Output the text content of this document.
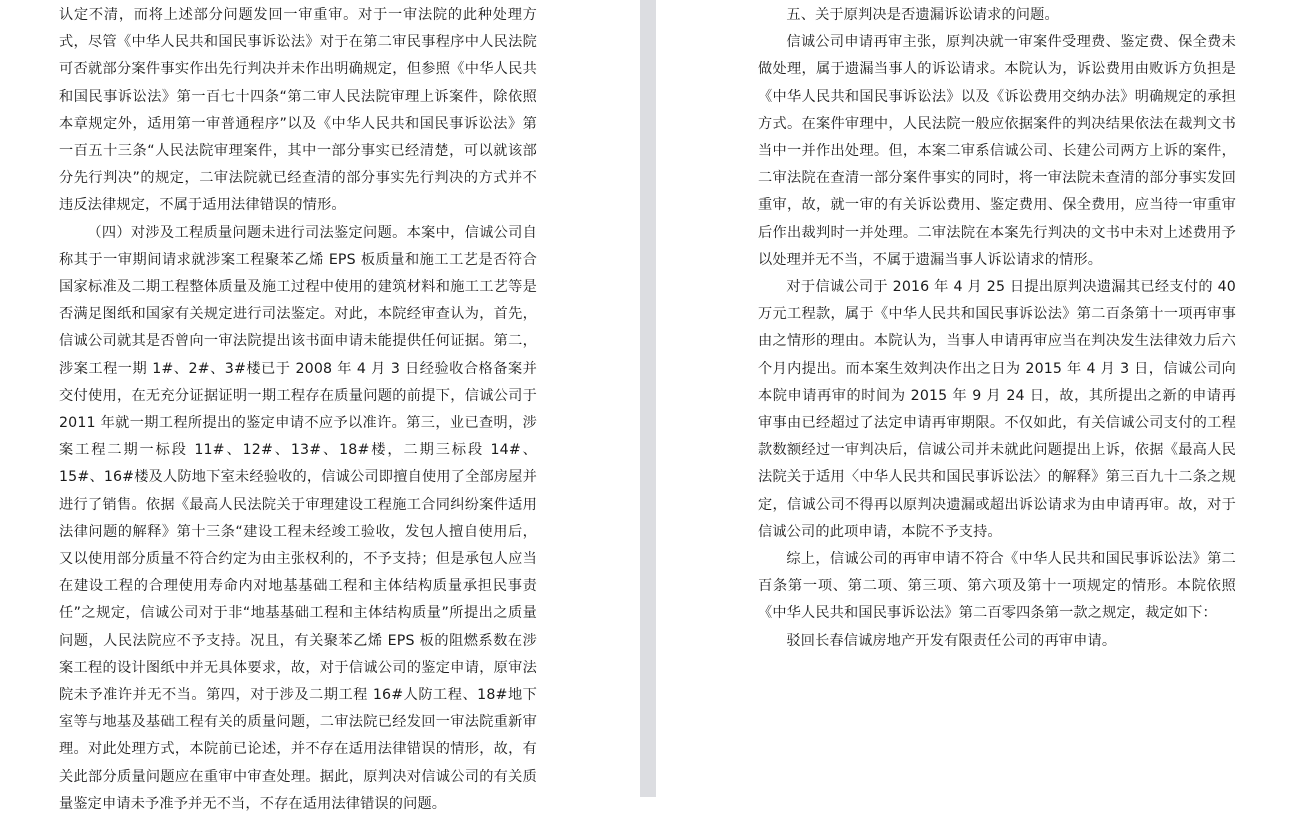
认定不清，而将上述部分问题发回一审重审。对于一审法院的此种处理方式，尽管《中华人民共和国民事诉讼法》对于在第二审民事程序中人民法院可否就部分案件事实作出先行判决并未作出明确规定，但参照《中华人民共和国民事诉讼法》第一百七十四条“第二审人民法院审理上诉案件，除依照本章规定外，适用第一审普通程序”以及《中华人民共和国民事诉讼法》第一百五十三条“人民法院审理案件，其中一部分事实已经清楚，可以就该部分先行判决”的规定，二审法院就已经查清的部分事实先行判决的方式并不违反法律规定，不属于适用法律错误的情形。

（四）对涉及工程质量问题未进行司法鉴定问题。本案中，信诚公司自称其于一审期间请求就涉案工程聚苯乙烯 EPS 板质量和施工工艺是否符合国家标准及二期工程整体质量及施工过程中使用的建筑材料和施工工艺等是否满足图纸和国家有关规定进行司法鉴定。对此，本院经审查认为，首先，信诚公司就其是否曾向一审法院提出该书面申请未能提供任何证据。第二，涉案工程一期 1#、2#、3#楼已于 2008 年 4 月 3 日经验收合格备案并交付使用，在无充分证据证明一期工程存在质量问题的前提下，信诚公司于 2011 年就一期工程所提出的鉴定申请不应予以准许。第三，业已查明，涉案工程二期一标段 11#、12#、13#、18#楼，二期三标段 14#、15#、16#楼及人防地下室未经验收的，信诚公司即擅自使用了全部房屋并进行了销售。依据《最高人民法院关于审理建设工程施工合同纠纷案件适用法律问题的解释》第十三条“建设工程未经竣工验收，发包人擅自使用后，又以使用部分质量不符合约定为由主张权利的，不予支持；但是承包人应当在建设工程的合理使用寿命内对地基基础工程和主体结构质量承担民事责任”之规定，信诚公司对于非“地基基础工程和主体结构质量”所提出之质量问题，人民法院应不予支持。况且，有关聚苯乙烯 EPS 板的阻燃系数在涉案工程的设计图纸中并无具体要求，故，对于信诚公司的鉴定申请，原审法院未予准许并无不当。第四，对于涉及二期工程 16#人防工程、18#地下室等与地基及基础工程有关的质量问题，二审法院已经发回一审法院重新审理。对此处理方式，本院前已论述，并不存在适用法律错误的情形，故，有关此部分质量问题应在重审中审查处理。据此，原判决对信诚公司的有关质量鉴定申请未予准予并无不当，不存在适用法律错误的问题。

五、关于原判决是否遗漏诉讼请求的问题。

信诚公司申请再审主张，原判决就一审案件受理费、鉴定费、保全费未做处理，属于遗漏当事人的诉讼请求。本院认为，诉讼费用由败诉方负担是《中华人民共和国民事诉讼法》以及《诉讼费用交纳办法》明确规定的承担方式。在案件审理中，人民法院一般应依据案件的判决结果依法在裁判文书当中一并作出处理。但，本案二审系信诚公司、长建公司两方上诉的案件，二审法院在查清一部分案件事实的同时，将一审法院未查清的部分事实发回重审，故，就一审的有关诉讼费用、鉴定费用、保全费用，应当待一审重审后作出裁判时一并处理。二审法院在本案先行判决的文书中未对上述费用予以处理并无不当，不属于遗漏当事人诉讼请求的情形。

对于信诚公司于 2016 年 4 月 25 日提出原判决遗漏其已经支付的 40 万元工程款，属于《中华人民共和国民事诉讼法》第二百条第十一项再审事由之情形的理由。本院认为，当事人申请再审应当在判决发生法律效力后六个月内提出。而本案生效判决作出之日为 2015 年 4 月 3 日，信诚公司向本院申请再审的时间为 2015 年 9 月 24 日，故，其所提出之新的申请再审事由已经超过了法定申请再审期限。不仅如此，有关信诚公司支付的工程款数额经过一审判决后，信诚公司并未就此问题提出上诉，依据《最高人民法院关于适用〈中华人民共和国民事诉讼法〉的解释》第三百九十二条之规定，信诚公司不得再以原判决遗漏或超出诉讼请求为由申请再审。故，对于信诚公司的此项申请，本院不予支持。

综上，信诚公司的再审申请不符合《中华人民共和国民事诉讼法》第二百条第一项、第二项、第三项、第六项及第十一项规定的情形。本院依照《中华人民共和国民事诉讼法》第二百零四条第一款之规定，裁定如下：

驳回长春信诚房地产开发有限责任公司的再审申请。
